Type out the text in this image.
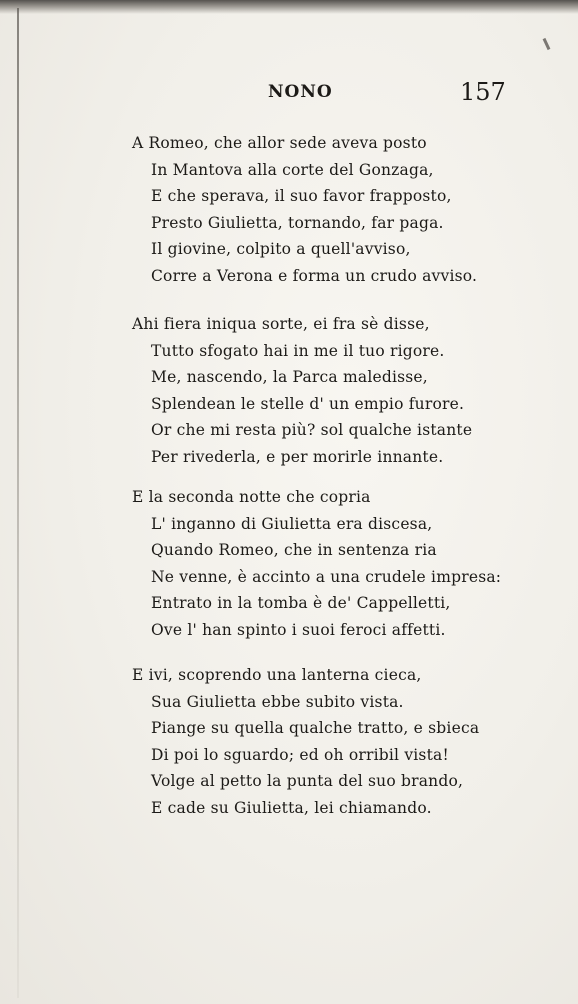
NONO	157
A Romeo, che allor sede aveva posto
In Mantova alla corte del Gonzaga,
E che sperava, il suo favor frapposto,
Presto Giulietta, tornando, far paga.
Il giovine, colpito a quell'avviso,
Corre a Verona e forma un crudo avviso.
Ahi fiera iniqua sorte, ei fra sè disse,
Tutto sfogato hai in me il tuo rigore.
Me, nascendo, la Parca maledisse,
Splendean le stelle d' un empio furore.
Or che mi resta più? sol qualche istante
Per rivederla, e per morirle innante.
E la seconda notte che copria
L' inganno di Giulietta era discesa,
Quando Romeo, che in sentenza ria
Ne venne, è accinto a una crudele impresa:
Entrato in la tomba è de' Cappelletti,
Ove l' han spinto i suoi feroci affetti.
E ivi, scoprendo una lanterna cieca,
Sua Giulietta ebbe subito vista.
Piange su quella qualche tratto, e sbieca
Di poi lo sguardo; ed oh orribil vista!
Volge al petto la punta del suo brando,
E cade su Giulietta, lei chiamando.
